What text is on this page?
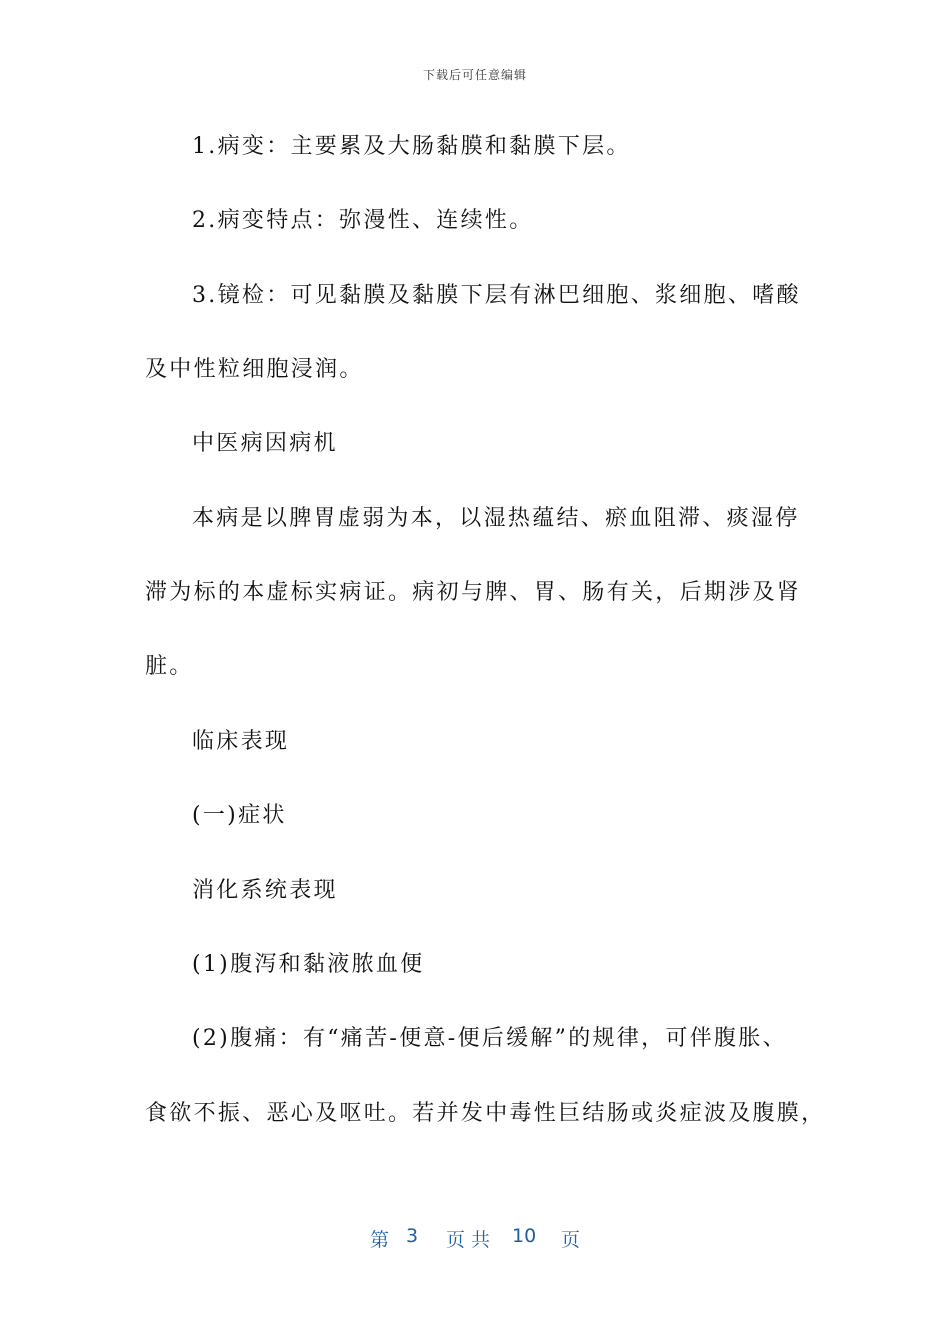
下载后可任意编辑
1.病变：主要累及大肠黏膜和黏膜下层。
2.病变特点：弥漫性、连续性。
3.镜检：可见黏膜及黏膜下层有淋巴细胞、浆细胞、嗜酸
及中性粒细胞浸润。
中医病因病机
本病是以脾胃虚弱为本，以湿热蕴结、瘀血阻滞、痰湿停
滞为标的本虚标实病证。病初与脾、胃、肠有关，后期涉及肾
脏。
临床表现
(一)症状
消化系统表现
(1)腹泻和黏液脓血便
(2)腹痛：有“痛苦-便意-便后缓解”的规律，可伴腹胀、
食欲不振、恶心及呕吐。若并发中毒性巨结肠或炎症波及腹膜，
第 3 页 共 10 页
